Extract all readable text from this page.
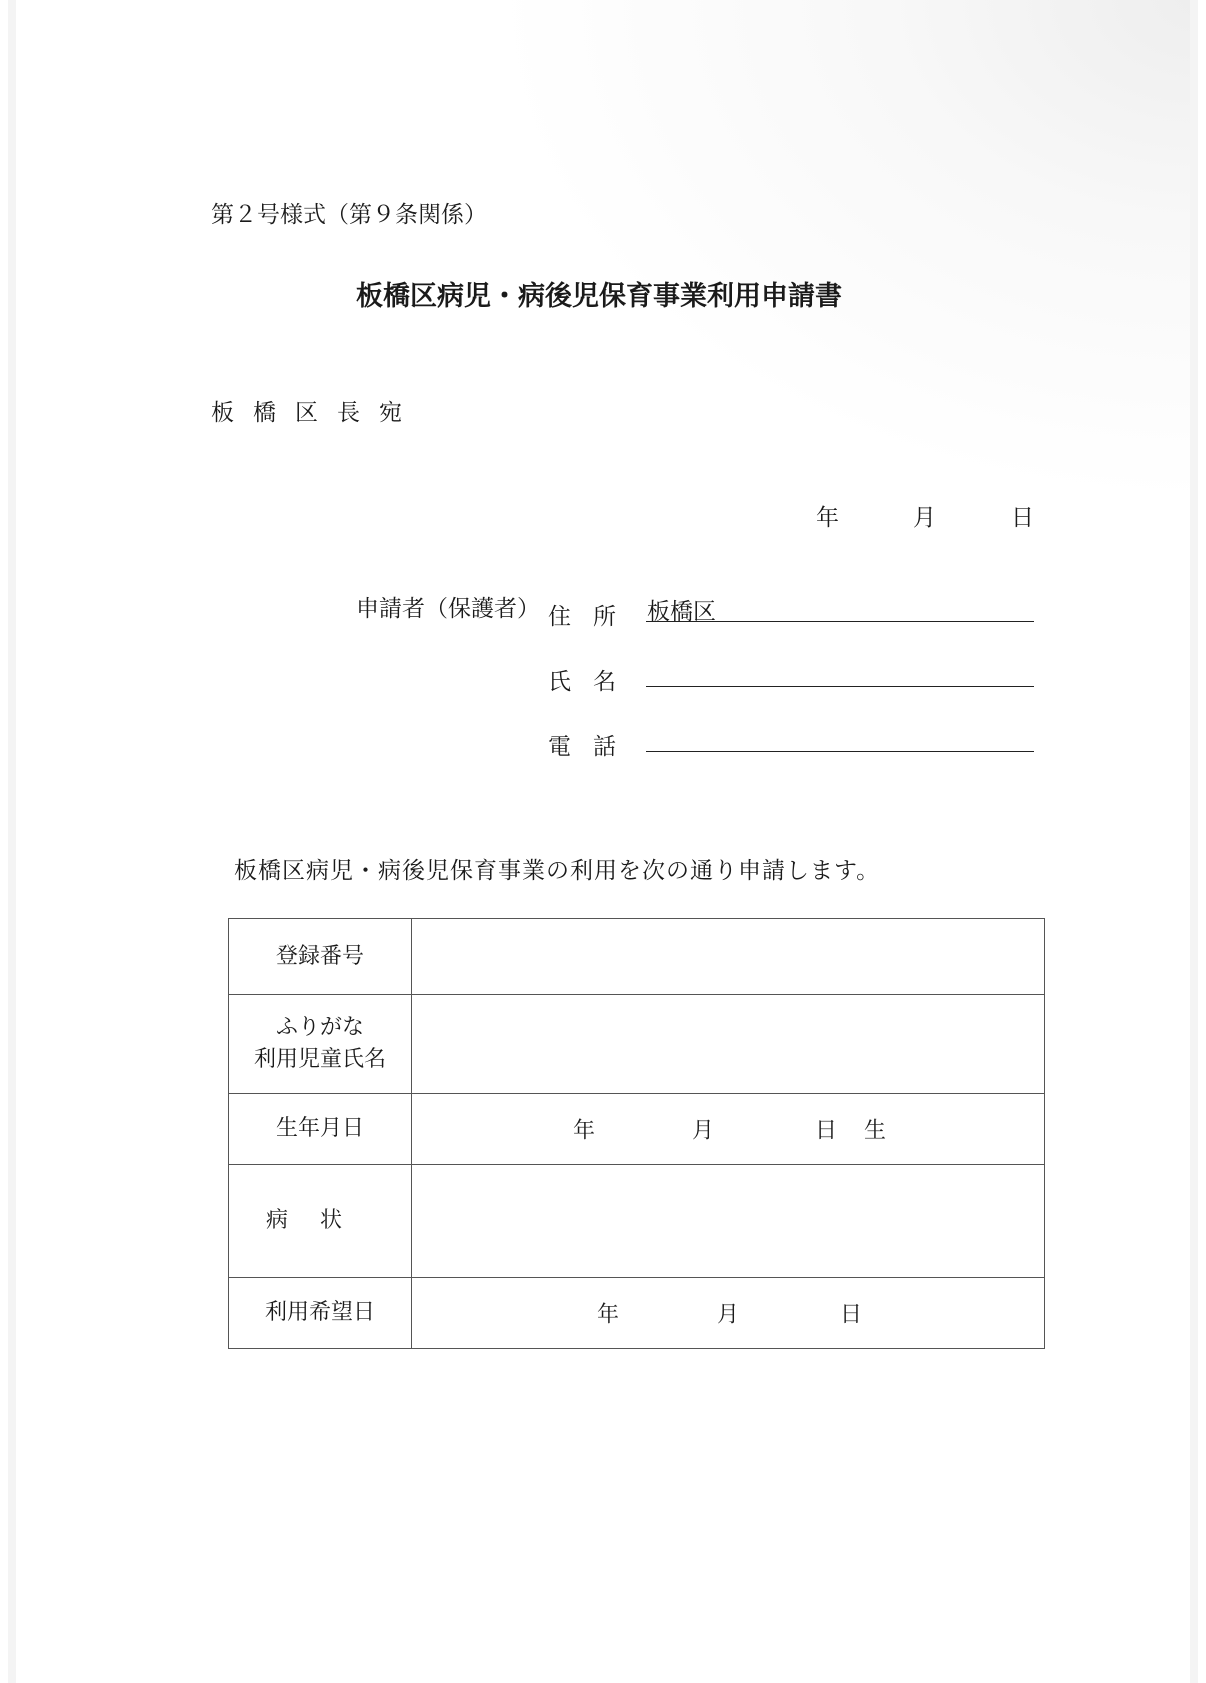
第２号様式（第９条関係）
板橋区病児・病後児保育事業利用申請書
板橋区長宛
年	月	日
申請者（保護者） 住所 板橋区
氏名
電話
板橋区病児・病後児保育事業の利用を次の通り申請します。
登録番号	

ふりがな
利用児童氏名	

生年月日	年 月 日 生

病状	
利用希望日	年 月 日
